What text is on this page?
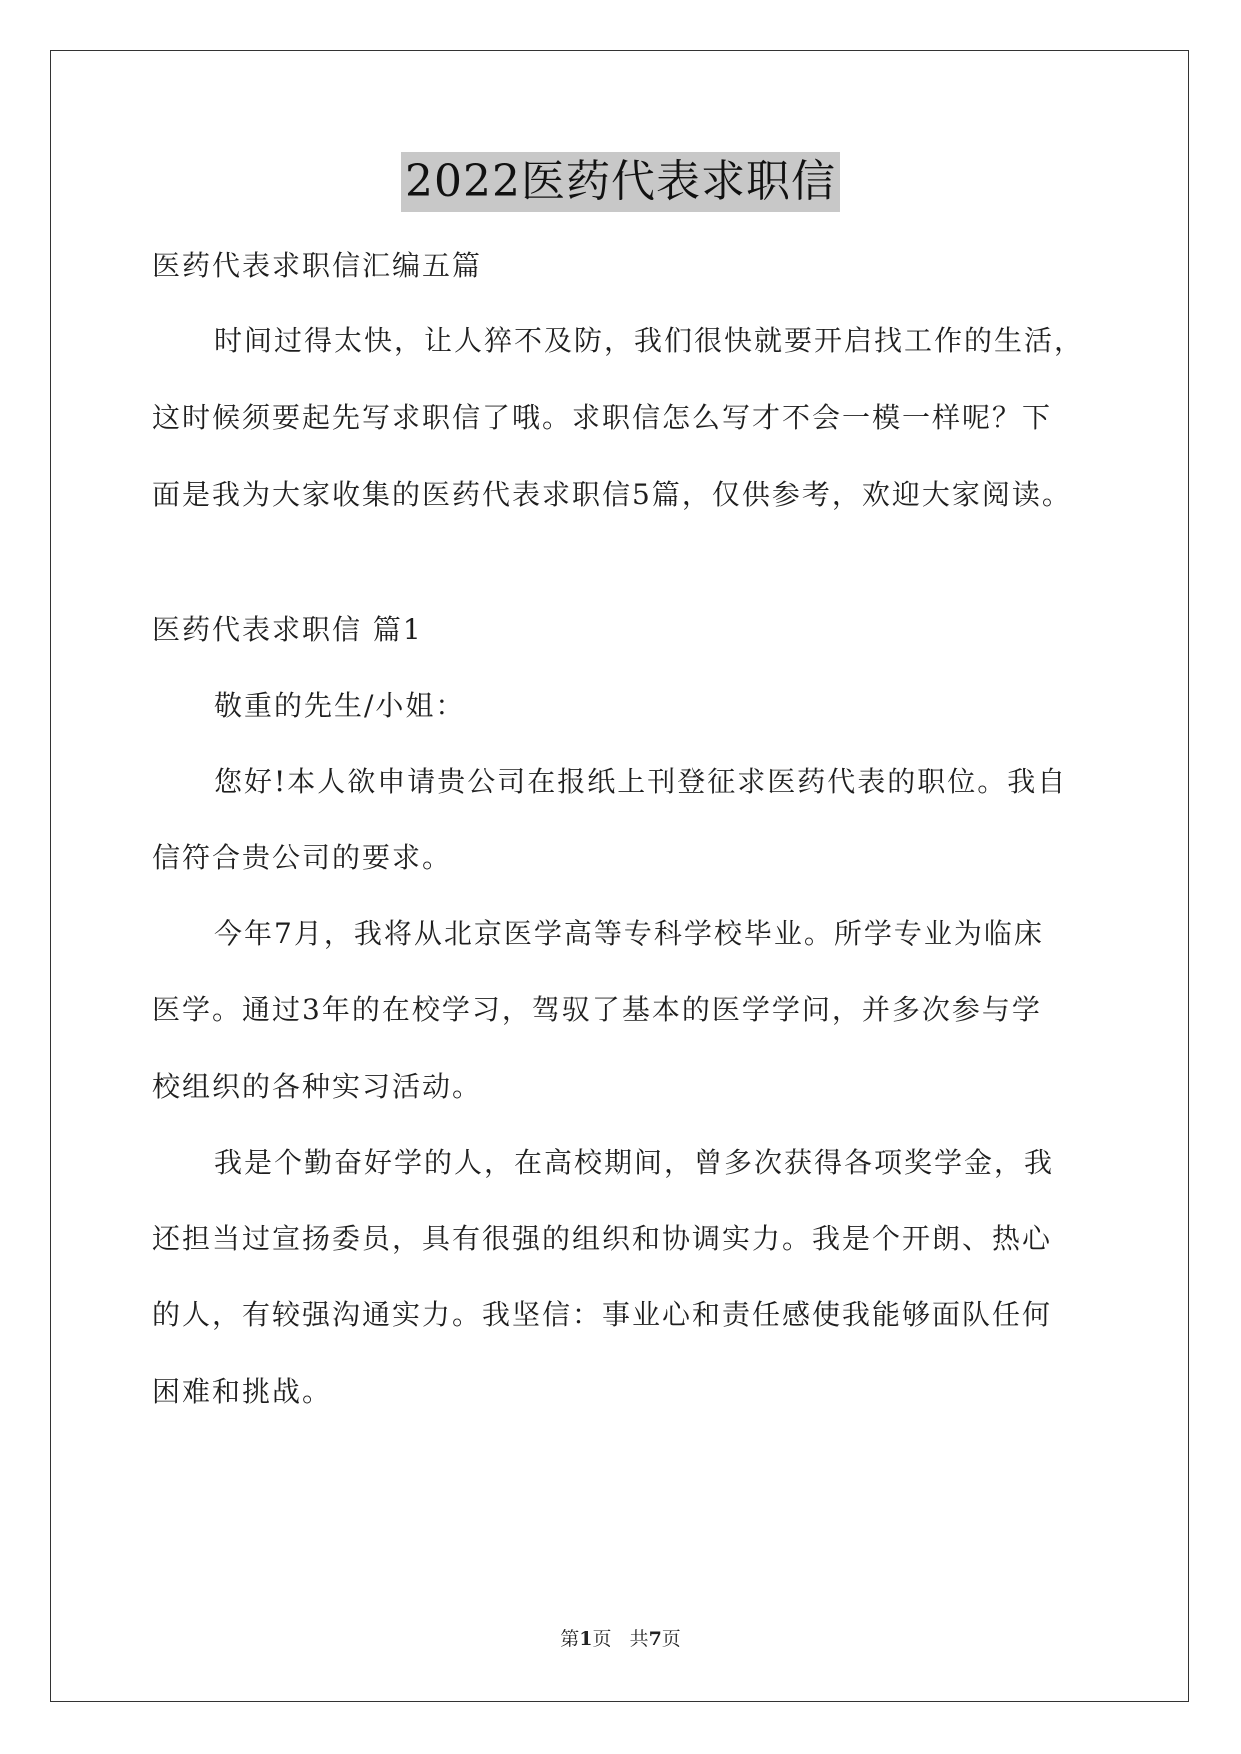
2022医药代表求职信
医药代表求职信汇编五篇
时间过得太快，让人猝不及防，我们很快就要开启找工作的生活，
这时候须要起先写求职信了哦。求职信怎么写才不会一模一样呢？下
面是我为大家收集的医药代表求职信5篇，仅供参考，欢迎大家阅读。
医药代表求职信 篇1
敬重的先生/小姐：
您好!本人欲申请贵公司在报纸上刊登征求医药代表的职位。我自
信符合贵公司的要求。
今年7月，我将从北京医学高等专科学校毕业。所学专业为临床
医学。通过3年的在校学习，驾驭了基本的医学学问，并多次参与学
校组织的各种实习活动。
我是个勤奋好学的人，在高校期间，曾多次获得各项奖学金，我
还担当过宣扬委员，具有很强的组织和协调实力。我是个开朗、热心
的人，有较强沟通实力。我坚信：事业心和责任感使我能够面队任何
困难和挑战。
第1页   共7页
